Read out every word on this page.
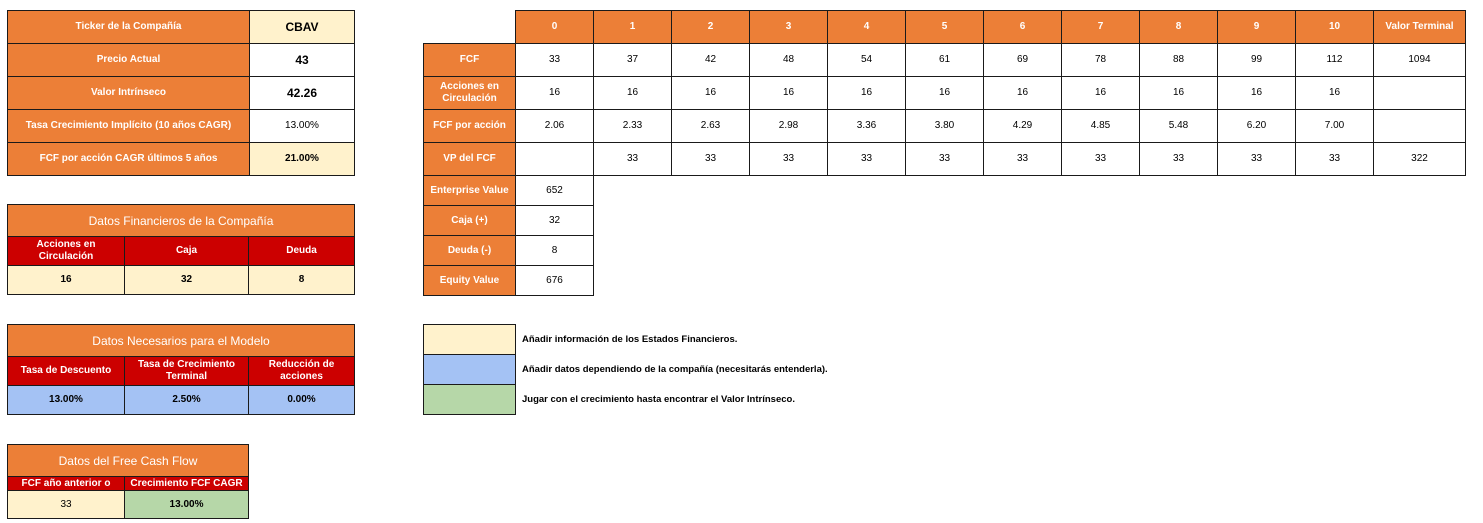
Ticker de la Compañía	CBAV
Precio Actual	43
Valor Intrínseco	42.26
Tasa Crecimiento Implícito (10 años CAGR)	13.00%
FCF por acción CAGR últimos 5 años	21.00%
Datos Financieros de la Compañía		
Acciones en Circulación	Caja	Deuda
16	32	8
Datos Necesarios para el Modelo		
Tasa de Descuento	Tasa de Crecimiento Terminal	Reducción de acciones
13.00%	2.50%	0.00%
Datos del Free Cash Flow	
FCF año anterior o	Crecimiento FCF CAGR
33	13.00%
	0	1	2	3	4	5	6	7	8	9	10	Valor Terminal
FCF	33	37	42	48	54	61	69	78	88	99	112	1094
Acciones en Circulación	16	16	16	16	16	16	16	16	16	16	16	
FCF por acción	2.06	2.33	2.63	2.98	3.36	3.80	4.29	4.85	5.48	6.20	7.00	
VP del FCF		33	33	33	33	33	33	33	33	33	33	322
Enterprise Value	652
Caja (+)	32
Deuda (-)	8
Equity Value	676
	Añadir información de los Estados Financieros.
	Añadir datos dependiendo de la compañía (necesitarás entenderla).
	Jugar con el crecimiento hasta encontrar el Valor Intrínseco.
